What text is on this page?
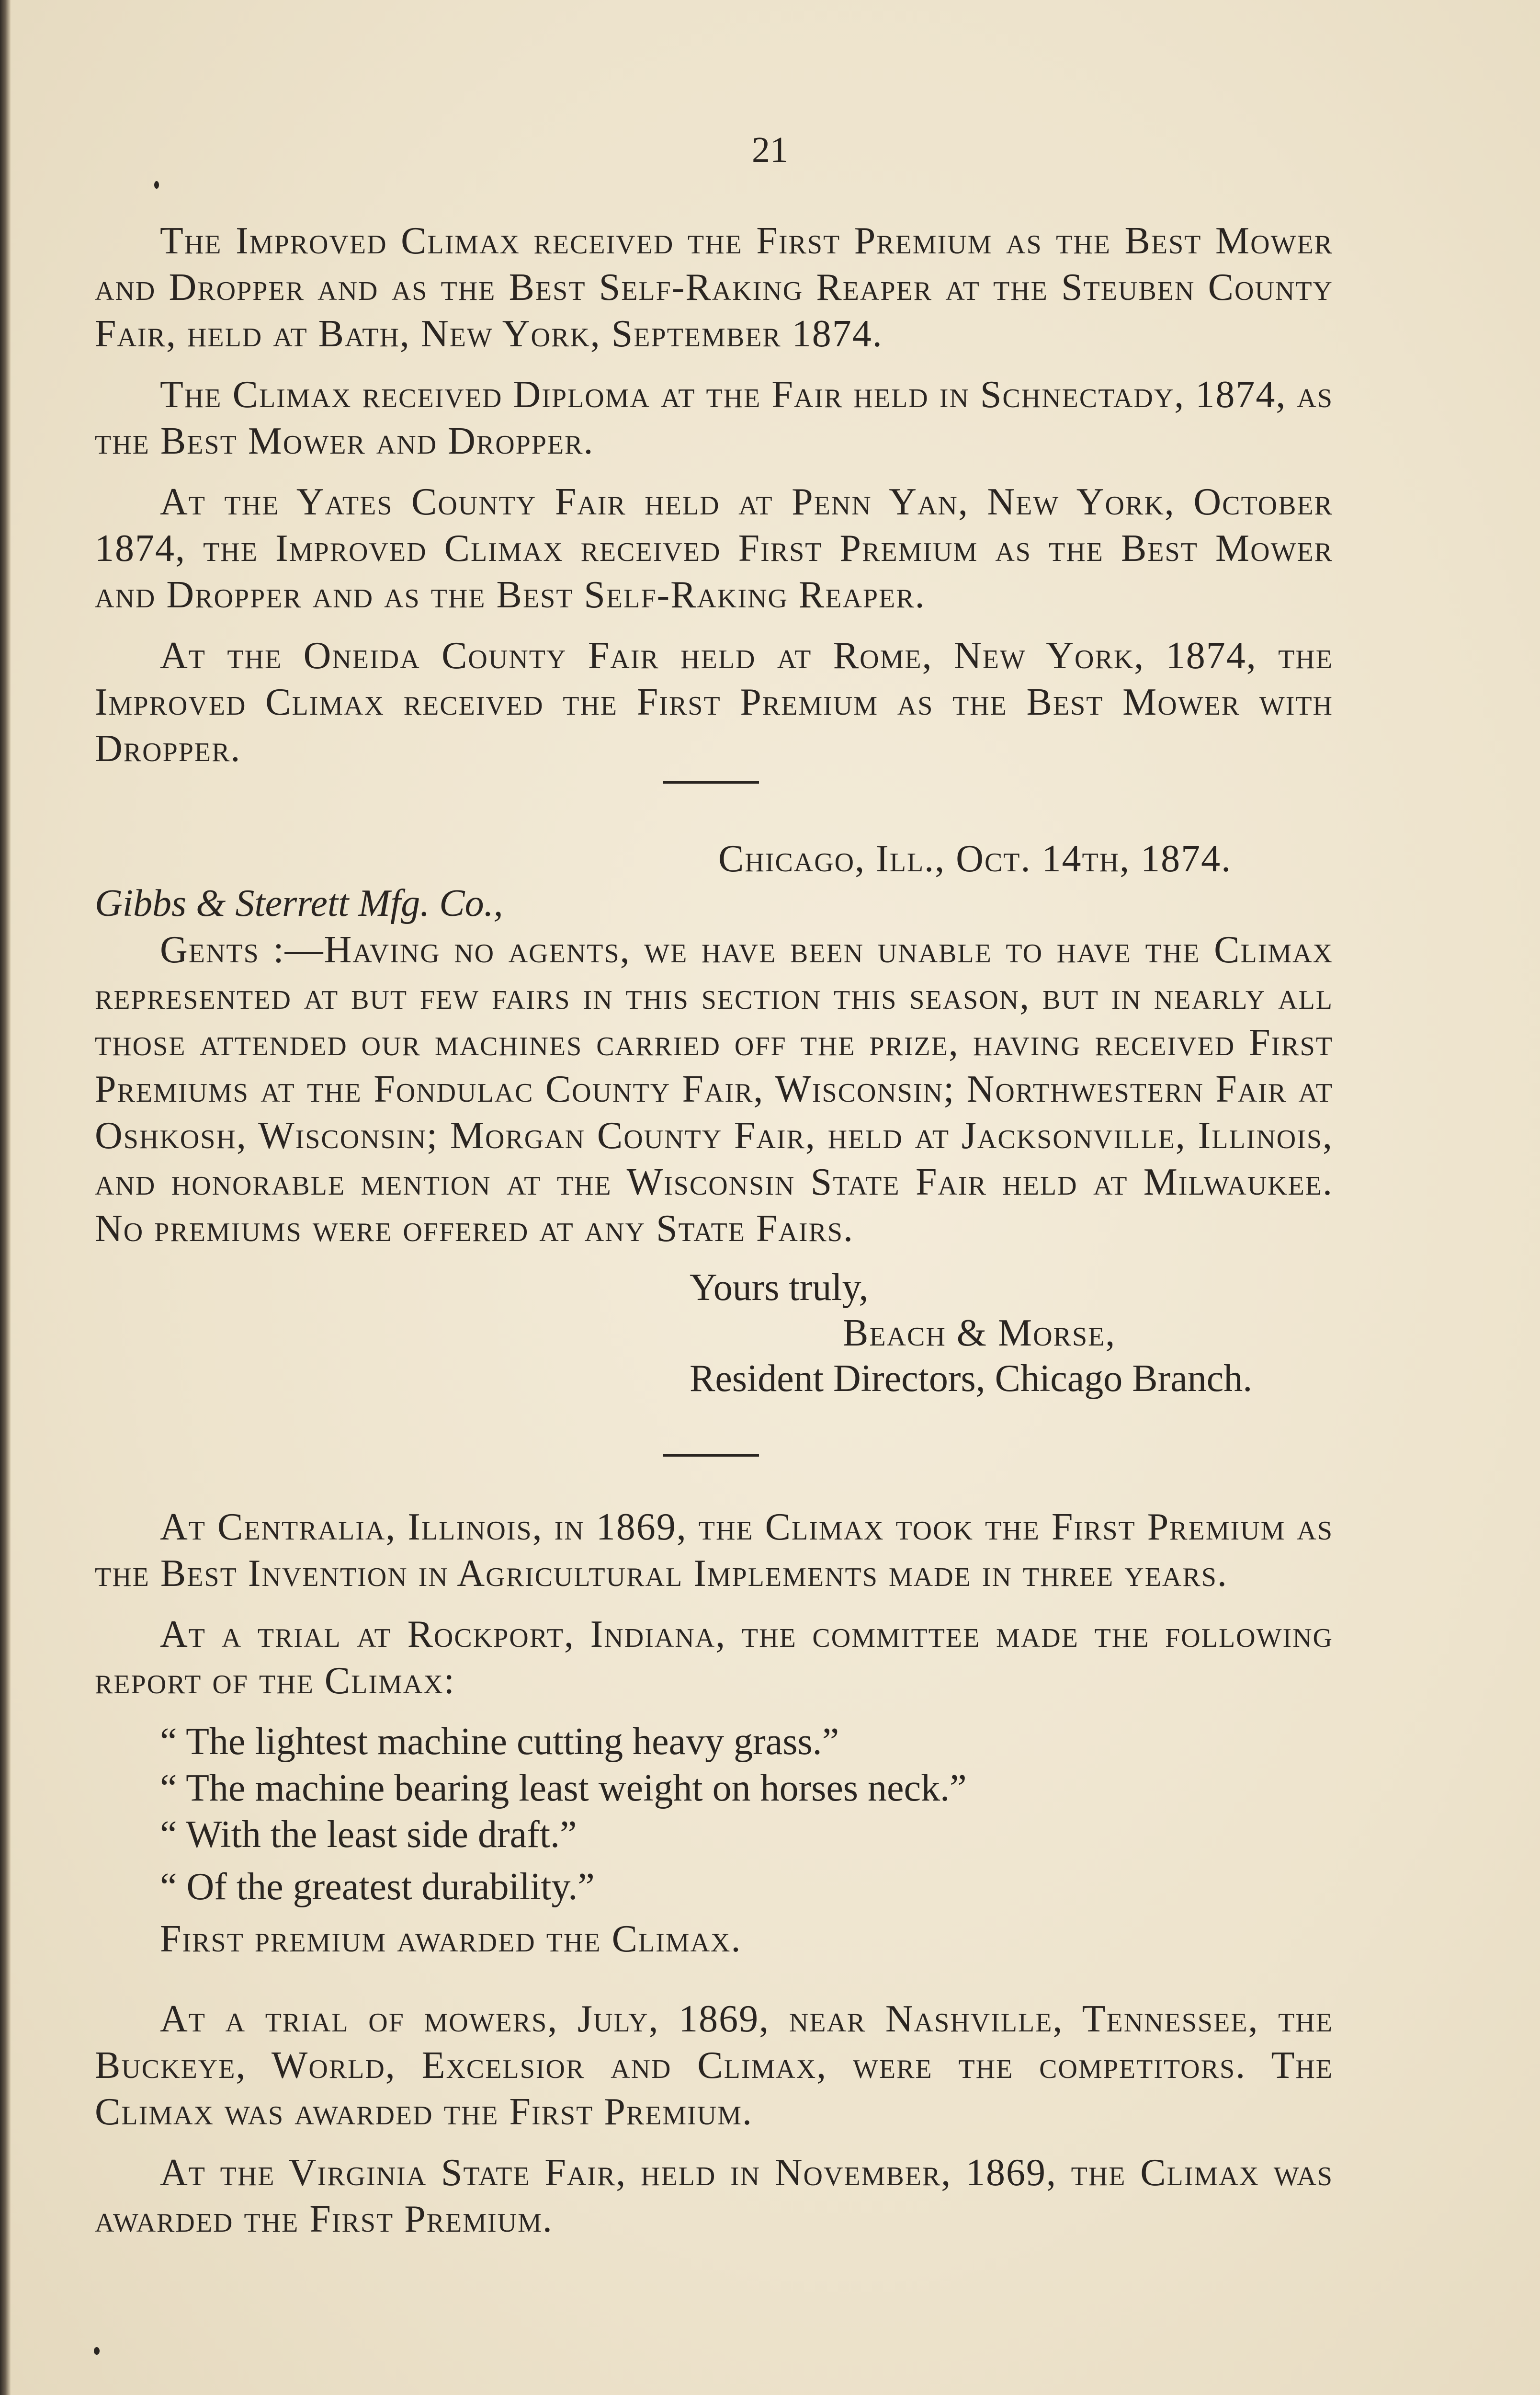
21

The Improved Climax received the First Premium as the Best Mower and Dropper and as the Best Self-Raking Reaper at the Steuben County Fair, held at Bath, New York, September 1874.

The Climax received Diploma at the Fair held in Schnectady, 1874, as the Best Mower and Dropper.

At the Yates County Fair held at Penn Yan, New York, October 1874, the Improved Climax received First Premium as the Best Mower and Dropper and as the Best Self-Raking Reaper.

At the Oneida County Fair held at Rome, New York, 1874, the Improved Climax received the First Premium as the Best Mower with Dropper.

Chicago, Ill., Oct. 14th, 1874.
Gibbs & Sterrett Mfg. Co.,

Gents :—Having no agents, we have been unable to have the Climax represented at but few fairs in this section this season, but in nearly all those attended our machines carried off the prize, having received First Premiums at the Fondulac County Fair, Wisconsin; Northwestern Fair at Oshkosh, Wisconsin; Morgan County Fair, held at Jacksonville, Illinois, and honorable mention at the Wisconsin State Fair held at Milwaukee. No premiums were offered at any State Fairs.

Yours truly,
Beach & Morse,
Resident Directors, Chicago Branch.

At Centralia, Illinois, in 1869, the Climax took the First Premium as the Best Invention in Agricultural Implements made in three years.

At a trial at Rockport, Indiana, the committee made the following report of the Climax:

“ The lightest machine cutting heavy grass.”

“ The machine bearing least weight on horses neck.”

“ With the least side draft.”

“ Of the greatest durability.”

First premium awarded the Climax.

At a trial of mowers, July, 1869, near Nashville, Tennessee, the Buckeye, World, Excelsior and Climax, were the competitors. The Climax was awarded the First Premium.

At the Virginia State Fair, held in November, 1869, the Climax was awarded the First Premium.
